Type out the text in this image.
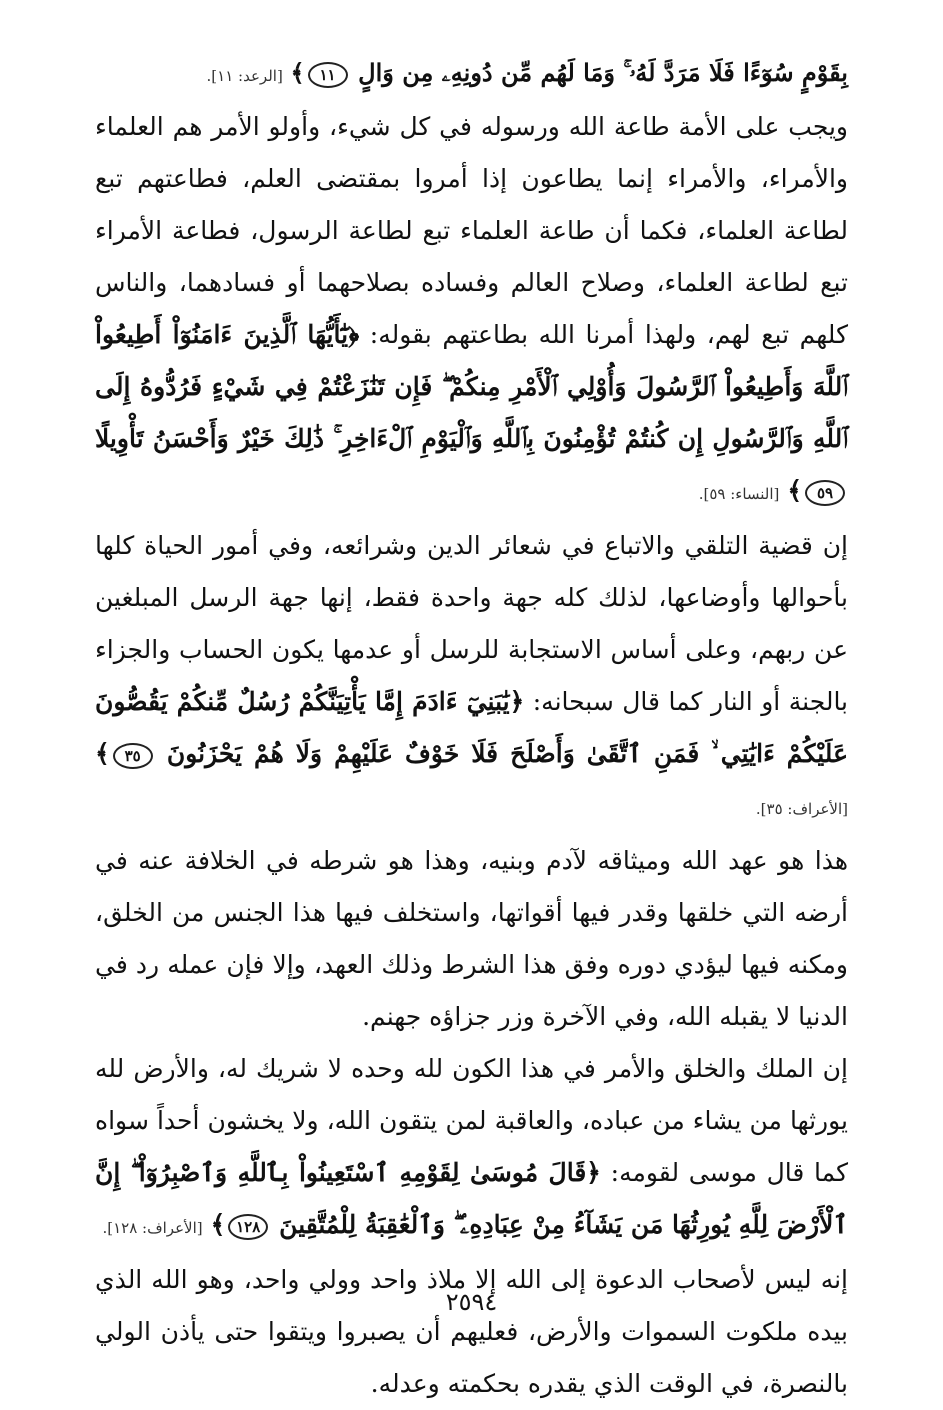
بِقَوْمٍ سُوٓءًا فَلَا مَرَدَّ لَهُۥ ۚ وَمَا لَهُم مِّن دُونِهِۦ مِن وَالٍ ١١﴾ [الرعد: ١١].

ويجب على الأمة طاعة الله ورسوله في كل شيء، وأولو الأمر هم العلماء والأمراء، والأمراء إنما يطاعون إذا أمروا بمقتضى العلم، فطاعتهم تبع لطاعة العلماء، فكما أن طاعة العلماء تبع لطاعة الرسول، فطاعة الأمراء تبع لطاعة العلماء، وصلاح العالم وفساده بصلاحهما أو فسادهما، والناس كلهم تبع لهم، ولهذا أمرنا الله بطاعتهم بقوله: ﴿يَٰٓأَيُّهَا ٱلَّذِينَ ءَامَنُوٓاْ أَطِيعُواْ ٱللَّهَ وَأَطِيعُواْ ٱلرَّسُولَ وَأُوْلِي ٱلْأَمْرِ مِنكُمْ ۖ فَإِن تَنَٰزَعْتُمْ فِي شَيْءٍ فَرُدُّوهُ إِلَى ٱللَّهِ وَٱلرَّسُولِ إِن كُنتُمْ تُؤْمِنُونَ بِٱللَّهِ وَٱلْيَوْمِ ٱلْءَاخِرِ ۚ ذَٰلِكَ خَيْرٌ وَأَحْسَنُ تَأْوِيلًا ٥٩﴾ [النساء: ٥٩].

إن قضية التلقي والاتباع في شعائر الدين وشرائعه، وفي أمور الحياة كلها بأحوالها وأوضاعها، لذلك كله جهة واحدة فقط، إنها جهة الرسل المبلغين عن ربهم، وعلى أساس الاستجابة للرسل أو عدمها يكون الحساب والجزاء بالجنة أو النار كما قال سبحانه: ﴿يَٰبَنِيٓ ءَادَمَ إِمَّا يَأْتِيَنَّكُمْ رُسُلٌ مِّنكُمْ يَقُصُّونَ عَلَيْكُمْ ءَايَٰتِي ۙ فَمَنِ ٱتَّقَىٰ وَأَصْلَحَ فَلَا خَوْفٌ عَلَيْهِمْ وَلَا هُمْ يَحْزَنُونَ ٣٥﴾ [الأعراف: ٣٥].

هذا هو عهد الله وميثاقه لآدم وبنيه، وهذا هو شرطه في الخلافة عنه في أرضه التي خلقها وقدر فيها أقواتها، واستخلف فيها هذا الجنس من الخلق، ومكنه فيها ليؤدي دوره وفق هذا الشرط وذلك العهد، وإلا فإن عمله رد في الدنيا لا يقبله الله، وفي الآخرة وزر جزاؤه جهنم.

إن الملك والخلق والأمر في هذا الكون لله وحده لا شريك له، والأرض لله يورثها من يشاء من عباده، والعاقبة لمن يتقون الله، ولا يخشون أحداً سواه كما قال موسى لقومه: ﴿قَالَ مُوسَىٰ لِقَوْمِهِ ٱسْتَعِينُواْ بِٱللَّهِ وَٱصْبِرُوٓاْ ۖ إِنَّ ٱلْأَرْضَ لِلَّهِ يُورِثُهَا مَن يَشَآءُ مِنْ عِبَادِهِۦ ۖ وَٱلْعَٰقِبَةُ لِلْمُتَّقِينَ ١٢٨﴾ [الأعراف: ١٢٨].

إنه ليس لأصحاب الدعوة إلى الله إلا ملاذ واحد وولي واحد، وهو الله الذي بيده ملكوت السموات والأرض، فعليهم أن يصبروا ويتقوا حتى يأذن الولي بالنصرة، في الوقت الذي يقدره بحكمته وعدله.

٢٥٩٤
